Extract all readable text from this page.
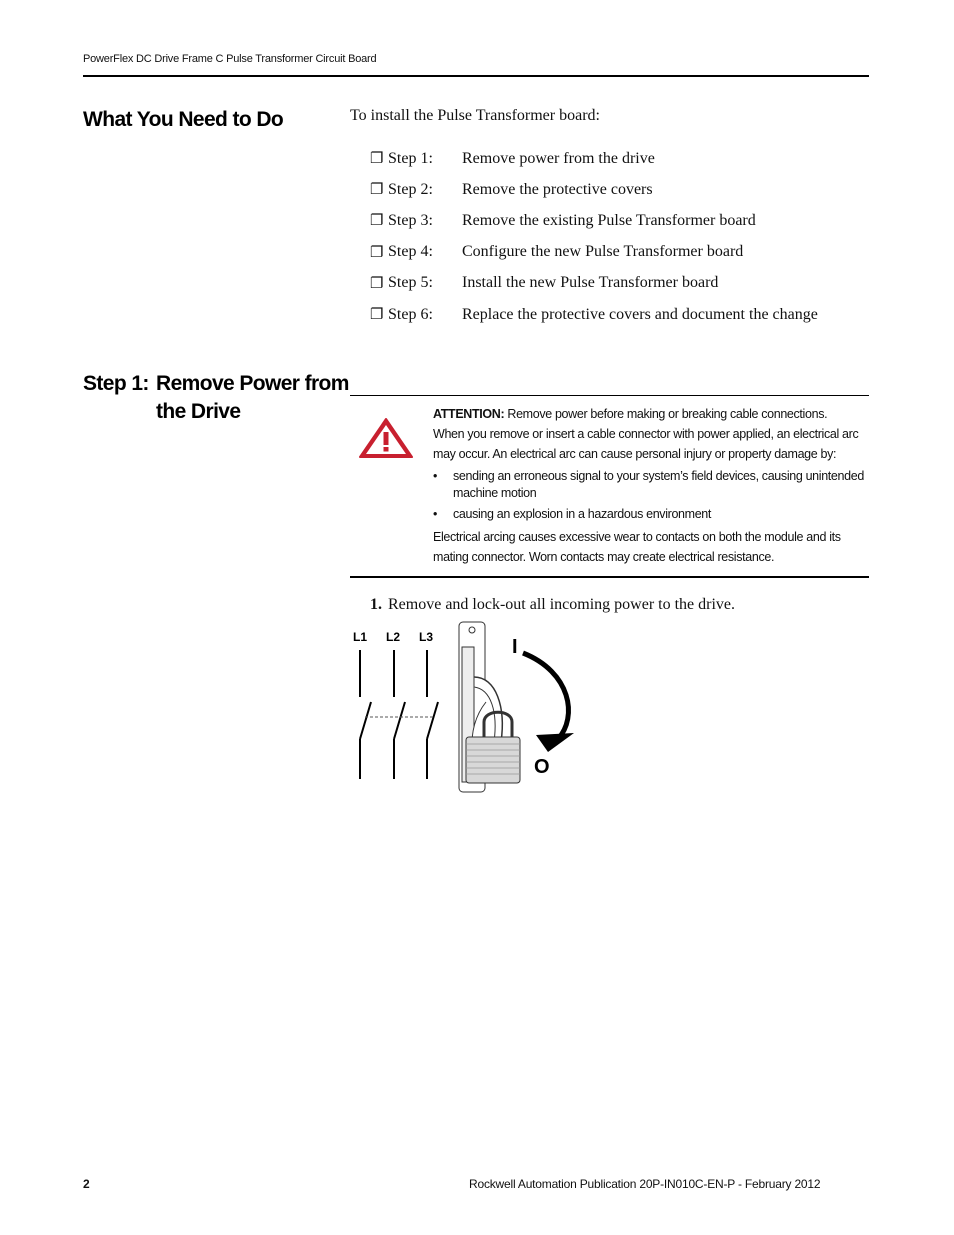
PowerFlex DC Drive Frame C Pulse Transformer Circuit Board
What You Need to Do	To install the Pulse Transformer board:
❐ Step 1:	Remove power from the drive
❐ Step 2:	Remove the protective covers
❐ Step 3:	Remove the existing Pulse Transformer board
❐ Step 4:	Configure the new Pulse Transformer board
❐ Step 5:	Install the new Pulse Transformer board
❐ Step 6:	Replace the protective covers and document the change
Step 1: Remove Power from
the Drive	ATTENTION: Remove power before making or breaking cable connections.

When you remove or insert a cable connector with power applied, an electrical arc may occur. An electrical arc can cause personal injury or property damage by:

•	sending an erroneous signal to your system’s field devices, causing unintended machine motion
•	causing an explosion in a hazardous environment

Electrical arcing causes excessive wear to contacts on both the module and its mating connector. Worn contacts may create electrical resistance.

1. Remove and lock-out all incoming power to the drive.
L1 L2 L3	I
O
2	Rockwell Automation Publication 20P-IN010C-EN-P - February 2012
